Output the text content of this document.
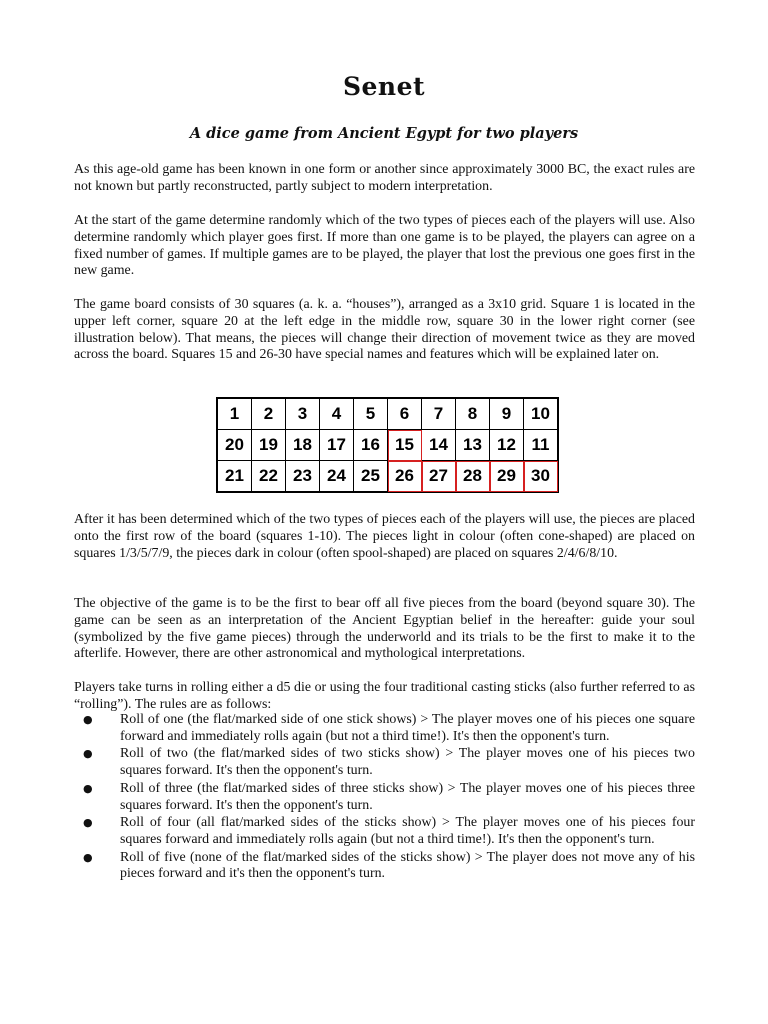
Senet
A dice game from Ancient Egypt for two players

As this age-old game has been known in one form or another since approximately 3000 BC, the exact rules are not known but partly reconstructed, partly subject to modern interpretation.

At the start of the game determine randomly which of the two types of pieces each of the players will use. Also determine randomly which player goes first. If more than one game is to be played, the players can agree on a fixed number of games. If multiple games are to be played, the player that lost the previous one goes first in the new game.

The game board consists of 30 squares (a. k. a. “houses”), arranged as a 3x10 grid. Square 1 is located in the upper left corner, square 20 at the left edge in the middle row, square 30 in the lower right corner (see illustration below). That means, the pieces will change their direction of movement twice as they are moved across the board. Squares 15 and 26-30 have special names and features which will be explained later on.

1	2	3	4	5	6	7	8	9	10
20	19	18	17	16	15	14	13	12	11
21	22	23	24	25	26	27	28	29	30

After it has been determined which of the two types of pieces each of the players will use, the pieces are placed onto the first row of the board (squares 1-10). The pieces light in colour (often cone-shaped) are placed on squares 1/3/5/7/9, the pieces dark in colour (often spool-shaped) are placed on squares 2/4/6/8/10.

The objective of the game is to be the first to bear off all five pieces from the board (beyond square 30). The game can be seen as an interpretation of the Ancient Egyptian belief in the hereafter: guide your soul (symbolized by the five game pieces) through the underworld and its trials to be the first to make it to the afterlife. However, there are other astronomical and mythological interpretations.

Players take turns in rolling either a d5 die or using the four traditional casting sticks (also further referred to as “rolling”). The rules are as follows:

● Roll of one (the flat/marked side of one stick shows) > The player moves one of his pieces one square forward and immediately rolls again (but not a third time!). It's then the opponent's turn.
● Roll of two (the flat/marked sides of two sticks show) > The player moves one of his pieces two squares forward. It's then the opponent's turn.
● Roll of three (the flat/marked sides of three sticks show) > The player moves one of his pieces three squares forward. It's then the opponent's turn.
● Roll of four (all flat/marked sides of the sticks show) > The player moves one of his pieces four squares forward and immediately rolls again (but not a third time!). It's then the opponent's turn.
● Roll of five (none of the flat/marked sides of the sticks show) > The player does not move any of his pieces forward and it's then the opponent's turn.
